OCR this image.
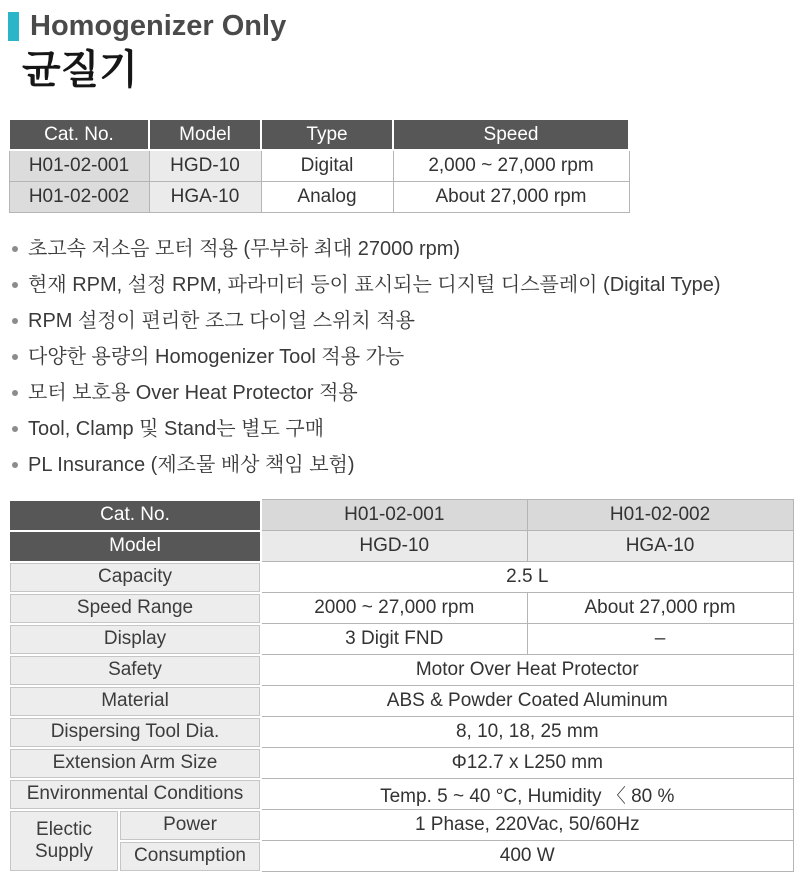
Homogenizer Only
균질기
Cat. No.	Model	Type	Speed
H01-02-001	HGD-10	Digital	2,000 ~ 27,000 rpm
H01-02-002	HGA-10	Analog	About 27,000 rpm
초고속 저소음 모터 적용 (무부하 최대 27000 rpm)
현재 RPM, 설정 RPM, 파라미터 등이 표시되는 디지털 디스플레이 (Digital Type)
RPM 설정이 편리한 조그 다이얼 스위치 적용
다양한 용량의 Homogenizer Tool 적용 가능
모터 보호용 Over Heat Protector 적용
Tool, Clamp 및 Stand는 별도 구매
PL Insurance (제조물 배상 책임 보험)
Cat. No.		H01-02-001	H01-02-002
Model		HGD-10	HGA-10
Capacity		2.5 L	
Speed Range		2000 ~ 27,000 rpm	About 27,000 rpm
Display		3 Digit FND	–
Safety		Motor Over Heat Protector	
Material		ABS & Powder Coated Aluminum	
Dispersing Tool Dia.		8, 10, 18, 25 mm	
Extension Arm Size		Φ12.7 x L250 mm	
Environmental Conditions		Temp. 5 ~ 40 °C, Humidity 〈 80 %	
Electic Supply	Power	1 Phase, 220Vac, 50/60Hz	
	Consumption	400 W	
